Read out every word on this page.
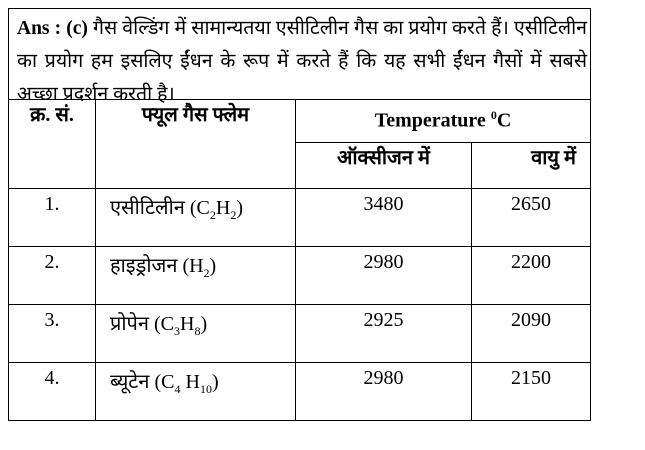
Ans : (c) गैस वेल्डिंग में सामान्यतया एसीटिलीन गैस का प्रयोग करते हैं। एसीटिलीन का प्रयोग हम इसलिए ईंधन के रूप में करते हैं कि यह सभी ईंधन गैसों में सबसे अच्छा प्रदर्शन करती है।
क्र. सं.	फ्यूल गैस फ्लेम	Temperature $^0$C	
		ऑक्सीजन में	वायु में
1.	एसीटिलीन $(C_2H_2)$	3480	2650
2.	हाइड्रोजन $(H_2)$	2980	2200
3.	प्रोपेन $(C_3H_8)$	2925	2090
4.	ब्यूटेन ($C_4$ $H_{10}$)	2980	2150
